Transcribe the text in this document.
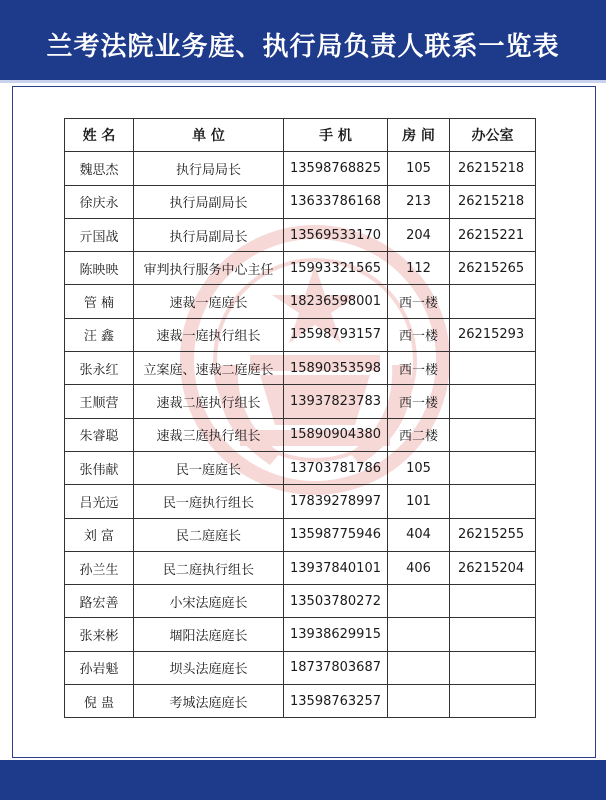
兰考法院业务庭、执行局负责人联系一览表
姓 名	单 位	手 机	房 间	办公室
魏思杰	执行局局长	13598768825	105	26215218
徐庆永	执行局副局长	13633786168	213	26215218
亓国战	执行局副局长	13569533170	204	26215221
陈映映	审判执行服务中心主任	15993321565	112	26215265
管 楠	速裁一庭庭长	18236598001	西一楼	
汪 鑫	速裁一庭执行组长	13598793157	西一楼	26215293
张永红	立案庭、速裁二庭庭长	15890353598	西一楼	
王顺营	速裁二庭执行组长	13937823783	西一楼	
朱睿聪	速裁三庭执行组长	15890904380	西二楼	
张伟献	民一庭庭长	13703781786	105	
吕光远	民一庭执行组长	17839278997	101	
刘 富	民二庭庭长	13598775946	404	26215255
孙兰生	民二庭执行组长	13937840101	406	26215204
路宏善	小宋法庭庭长	13503780272		
张来彬	堌阳法庭庭长	13938629915		
孙岩魁	坝头法庭庭长	18737803687		
倪 蛊	考城法庭庭长	13598763257		
